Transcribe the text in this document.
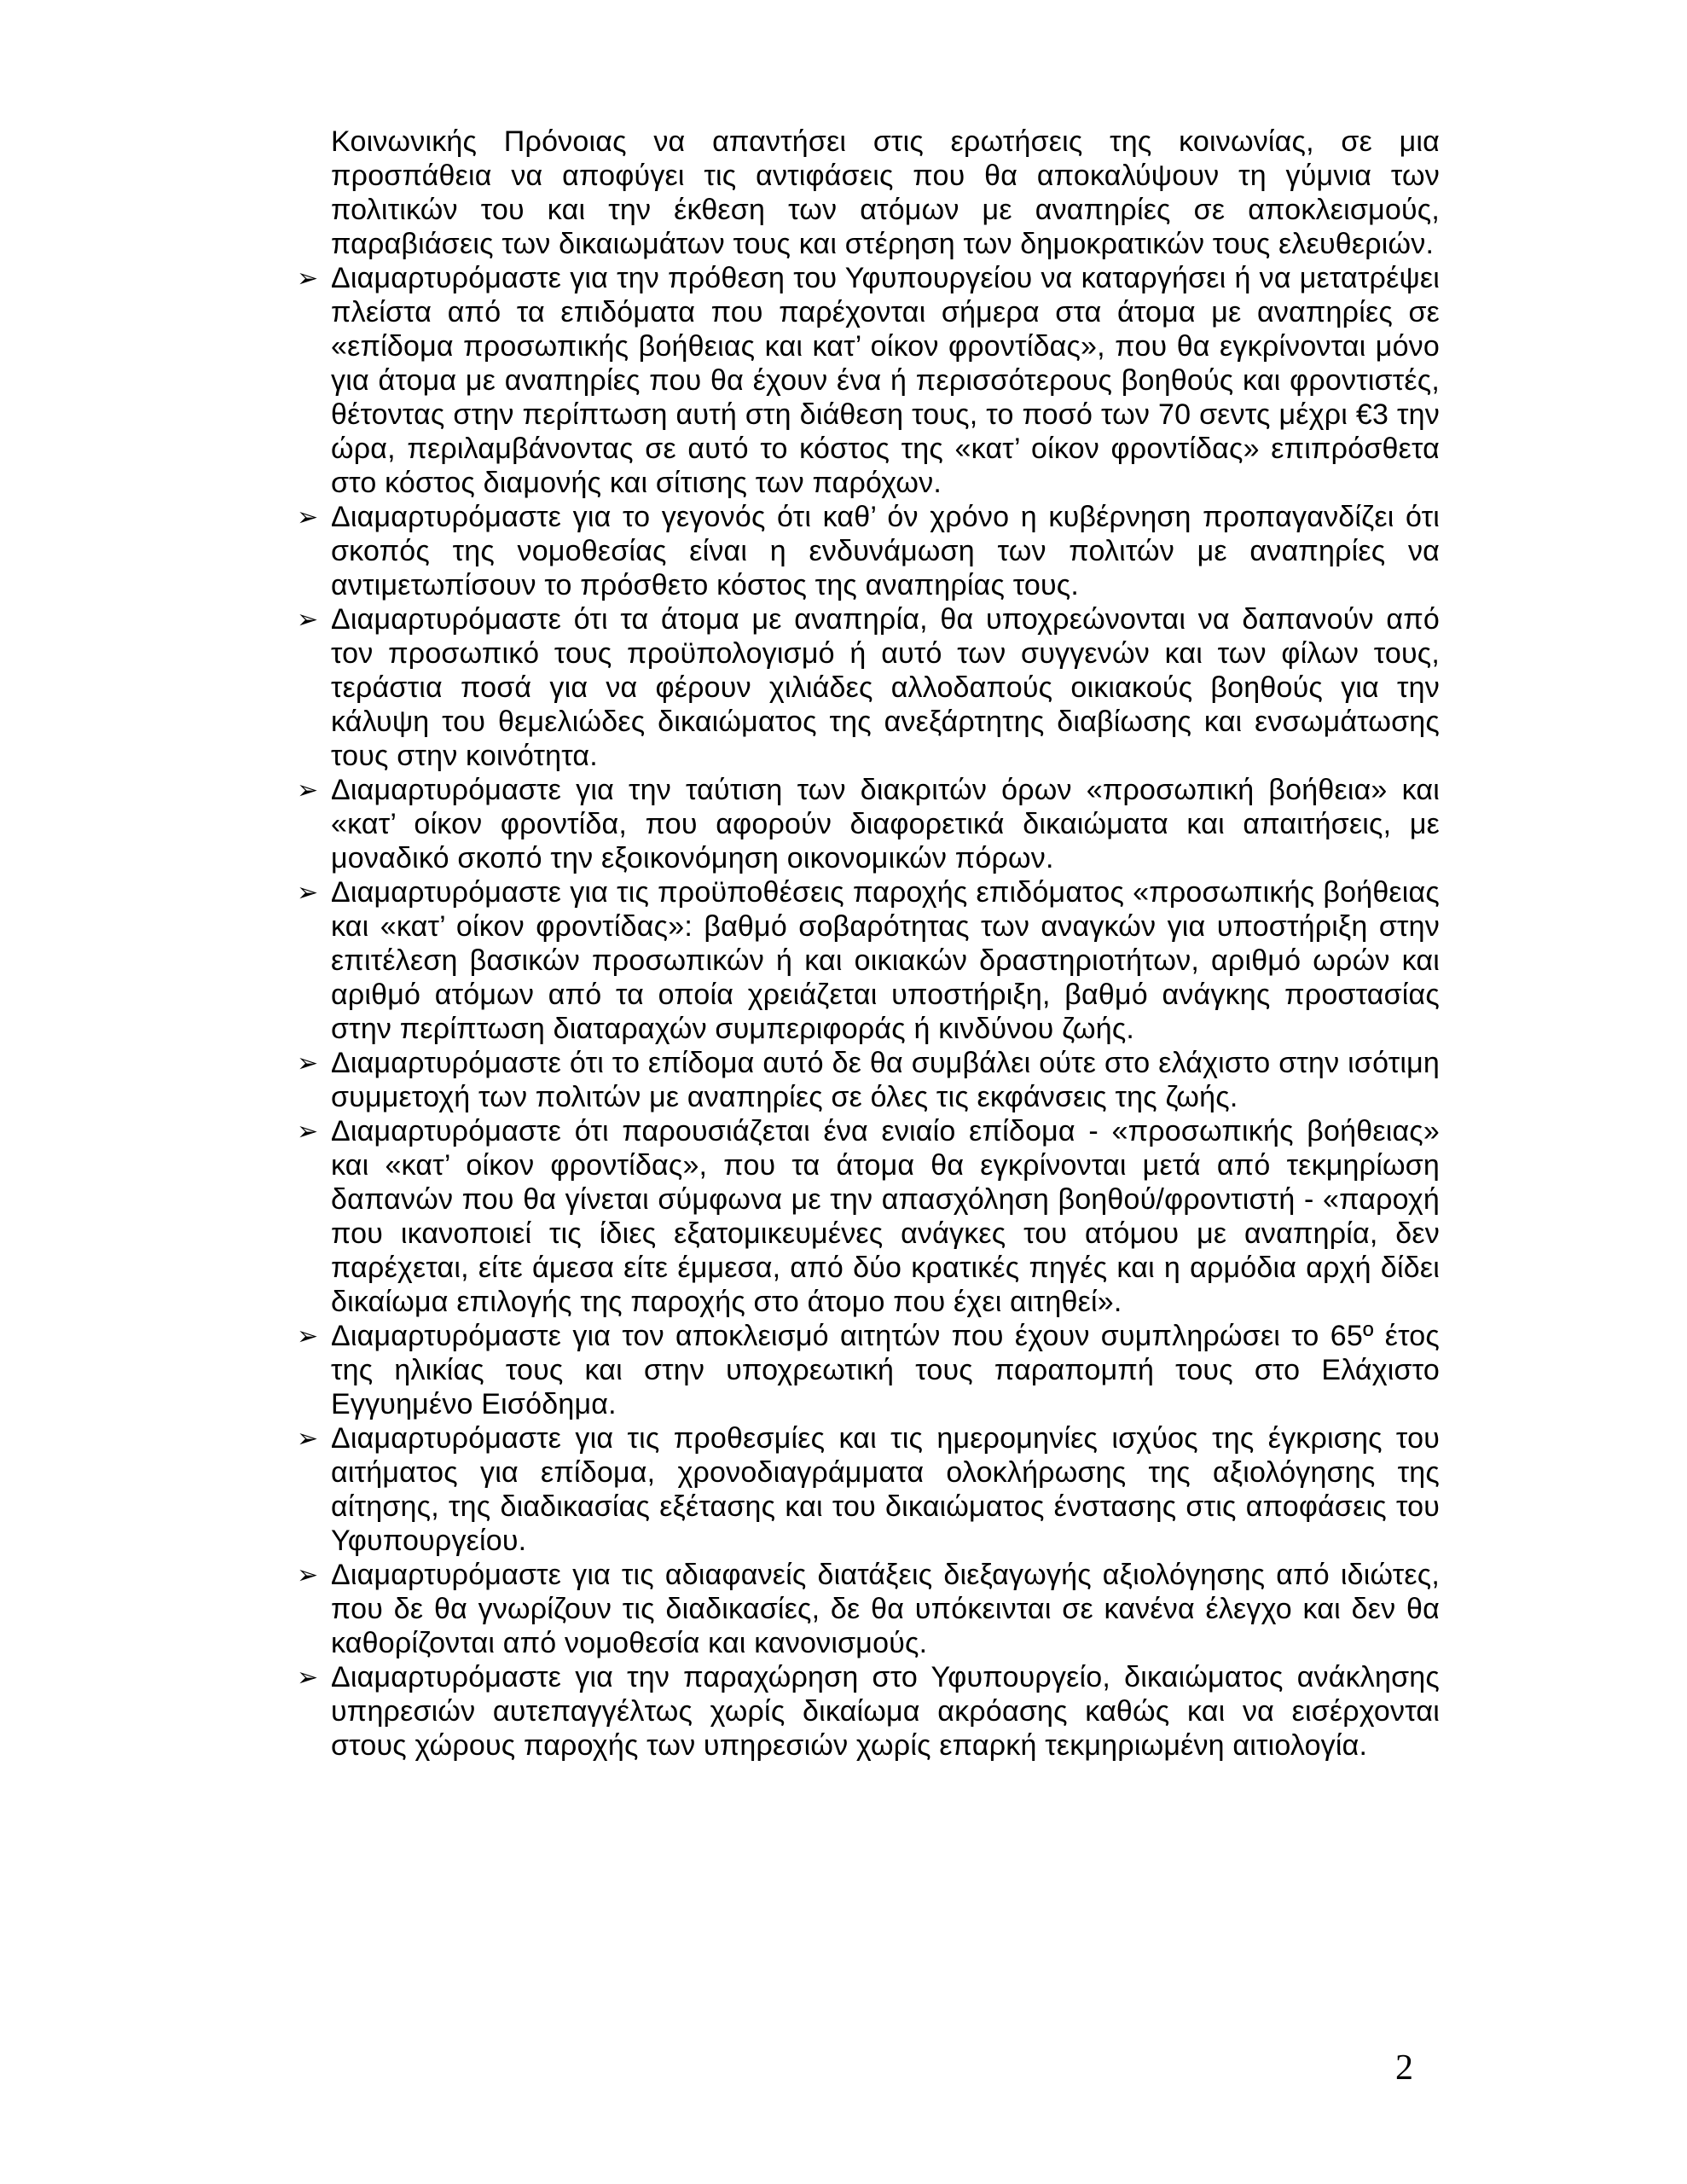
Κοινωνικής Πρόνοιας να απαντήσει στις ερωτήσεις της κοινωνίας, σε μια προσπάθεια να αποφύγει τις αντιφάσεις που θα αποκαλύψουν τη γύμνια των πολιτικών του και την έκθεση των ατόμων με αναπηρίες σε αποκλεισμούς, παραβιάσεις των δικαιωμάτων τους και στέρηση των δημοκρατικών τους ελευθεριών.

➢ Διαμαρτυρόμαστε για την πρόθεση του Υφυπουργείου να καταργήσει ή να μετατρέψει πλείστα από τα επιδόματα που παρέχονται σήμερα στα άτομα με αναπηρίες σε «επίδομα προσωπικής βοήθειας και κατ’ οίκον φροντίδας», που θα εγκρίνονται μόνο για άτομα με αναπηρίες που θα έχουν ένα ή περισσότερους βοηθούς και φροντιστές, θέτοντας στην περίπτωση αυτή στη διάθεση τους, το ποσό των 70 σεντς μέχρι €3 την ώρα, περιλαμβάνοντας σε αυτό το κόστος της «κατ’ οίκον φροντίδας» επιπρόσθετα στο κόστος διαμονής και σίτισης των παρόχων.

➢ Διαμαρτυρόμαστε για το γεγονός ότι καθ’ όν χρόνο η κυβέρνηση προπαγανδίζει ότι σκοπός της νομοθεσίας είναι η ενδυνάμωση των πολιτών με αναπηρίες να αντιμετωπίσουν το πρόσθετο κόστος της αναπηρίας τους.

➢ Διαμαρτυρόμαστε ότι τα άτομα με αναπηρία, θα υποχρεώνονται να δαπανούν από τον προσωπικό τους προϋπολογισμό ή αυτό των συγγενών και των φίλων τους, τεράστια ποσά για να φέρουν χιλιάδες αλλοδαπούς οικιακούς βοηθούς για την κάλυψη του θεμελιώδες δικαιώματος της ανεξάρτητης διαβίωσης και ενσωμάτωσης τους στην κοινότητα.

➢ Διαμαρτυρόμαστε για την ταύτιση των διακριτών όρων «προσωπική βοήθεια» και «κατ’ οίκον φροντίδα, που αφορούν διαφορετικά δικαιώματα και απαιτήσεις, με μοναδικό σκοπό την εξοικονόμηση οικονομικών πόρων.

➢ Διαμαρτυρόμαστε για τις προϋποθέσεις παροχής επιδόματος «προσωπικής βοήθειας και «κατ’ οίκον φροντίδας»: βαθμό σοβαρότητας των αναγκών για υποστήριξη στην επιτέλεση βασικών προσωπικών ή και οικιακών δραστηριοτήτων, αριθμό ωρών και αριθμό ατόμων από τα οποία χρειάζεται υποστήριξη, βαθμό ανάγκης προστασίας στην περίπτωση διαταραχών συμπεριφοράς ή κινδύνου ζωής.

➢ Διαμαρτυρόμαστε ότι το επίδομα αυτό δε θα συμβάλει ούτε στο ελάχιστο στην ισότιμη συμμετοχή των πολιτών με αναπηρίες σε όλες τις εκφάνσεις της ζωής.

➢ Διαμαρτυρόμαστε ότι παρουσιάζεται ένα ενιαίο επίδομα - «προσωπικής βοήθειας» και «κατ’ οίκον φροντίδας», που τα άτομα θα εγκρίνονται μετά από τεκμηρίωση δαπανών που θα γίνεται σύμφωνα με την απασχόληση βοηθού/φροντιστή - «παροχή που ικανοποιεί τις ίδιες εξατομικευμένες ανάγκες του ατόμου με αναπηρία, δεν παρέχεται, είτε άμεσα είτε έμμεσα, από δύο κρατικές πηγές και η αρμόδια αρχή δίδει δικαίωμα επιλογής της παροχής στο άτομο που έχει αιτηθεί».

➢ Διαμαρτυρόμαστε για τον αποκλεισμό αιτητών που έχουν συμπληρώσει το 65º έτος της ηλικίας τους και στην υποχρεωτική τους παραπομπή τους στο Ελάχιστο Εγγυημένο Εισόδημα.

➢ Διαμαρτυρόμαστε για τις προθεσμίες και τις ημερομηνίες ισχύος της έγκρισης του αιτήματος για επίδομα, χρονοδιαγράμματα ολοκλήρωσης της αξιολόγησης της αίτησης, της διαδικασίας εξέτασης και του δικαιώματος ένστασης στις αποφάσεις του Υφυπουργείου.

➢ Διαμαρτυρόμαστε για τις αδιαφανείς διατάξεις διεξαγωγής αξιολόγησης από ιδιώτες, που δε θα γνωρίζουν τις διαδικασίες, δε θα υπόκεινται σε κανένα έλεγχο και δεν θα καθορίζονται από νομοθεσία και κανονισμούς.

➢ Διαμαρτυρόμαστε για την παραχώρηση στο Υφυπουργείο, δικαιώματος ανάκλησης υπηρεσιών αυτεπαγγέλτως χωρίς δικαίωμα ακρόασης καθώς και να εισέρχονται στους χώρους παροχής των υπηρεσιών χωρίς επαρκή τεκμηριωμένη αιτιολογία.

2
